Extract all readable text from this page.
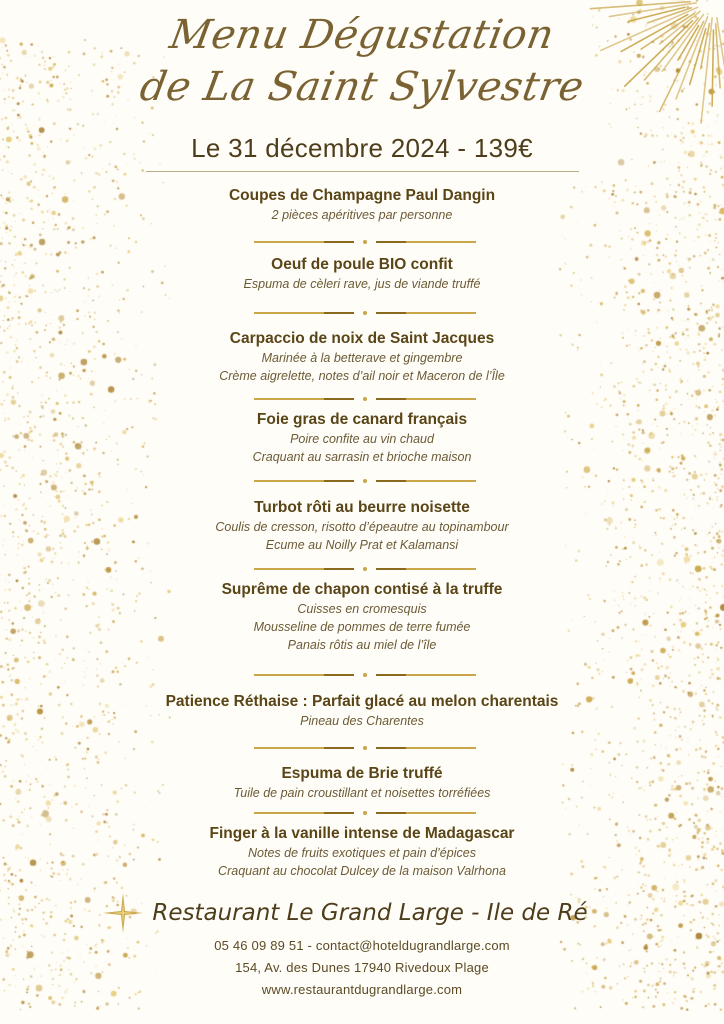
Menu Dégustation
de La Saint Sylvestre
Le 31 décembre 2024 - 139€
Coupes de Champagne Paul Dangin
2 pièces apéritives par personne
Oeuf de poule BIO confit
Espuma de cèleri rave, jus de viande truffé
Carpaccio de noix de Saint Jacques
Marinée à la betterave et gingembre
Crème aigrelette, notes d’ail noir et Maceron de l’Île
Foie gras de canard français
Poire confite au vin chaud
Craquant au sarrasin et brioche maison
Turbot rôti au beurre noisette
Coulis de cresson, risotto d’épeautre au topinambour
Ecume au Noilly Prat et Kalamansi
Suprême de chapon contisé à la truffe
Cuisses en cromesquis
Mousseline de pommes de terre fumée
Panais rôtis au miel de l’île
Patience Réthaise : Parfait glacé au melon charentais
Pineau des Charentes
Espuma de Brie truffé
Tuile de pain croustillant et noisettes torréfiées
Finger à la vanille intense de Madagascar
Notes de fruits exotiques et pain d’épices
Craquant au chocolat Dulcey de la maison Valrhona
Restaurant Le Grand Large - Ile de Ré
05 46 09 89 51 - contact@hoteldugrandlarge.com
154, Av. des Dunes 17940 Rivedoux Plage
www.restaurantdugrandlarge.com
